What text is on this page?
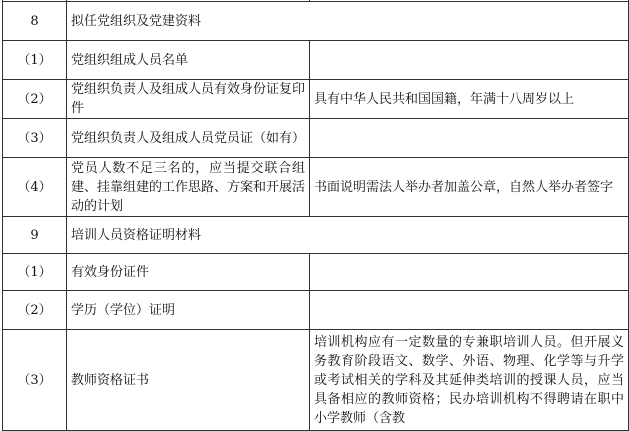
8	拟任党组织及党建资料	
（1）	党组织组成人员名单	
（2）	党组织负责人及组成人员有效身份证复印件	具有中华人民共和国国籍，年满十八周岁以上
（3）	党组织负责人及组成人员党员证（如有）	
（4）	党员人数不足三名的，应当提交联合组建、挂靠组建的工作思路、方案和开展活动的计划	书面说明需法人举办者加盖公章，自然人举办者签字
9	培训人员资格证明材料	
（1）	有效身份证件	
（2）	学历（学位）证明	
（3）	教师资格证书	培训机构应有一定数量的专兼职培训人员。但开展义务教育阶段语文、数学、外语、物理、化学等与升学或考试相关的学科及其延伸类培训的授课人员，应当具备相应的教师资格；民办培训机构不得聘请在职中小学教师（含教
